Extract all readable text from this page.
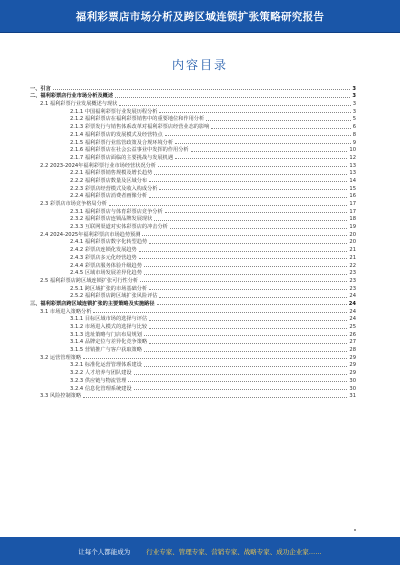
福利彩票店市场分析及跨区域连锁扩张策略研究报告
内容目录
一、引言	3
二、福利彩票店行业市场分析及概述	3
2.1 福利彩票行业发展概述与现状	3
2.1.1 中国福利彩票行业发展历程分析	3
2.1.2 福利彩票店在福利彩票销售中的重要地位和作用分析	5
2.1.3 彩票发行与销售体系改革对福利彩票店经营业态的影响	6
2.1.4 福利彩票店的发展模式及经营特点	8
2.1.5 福利彩票行业监管政策及合规环境分析	9
2.1.6 福利彩票店在社会公益事业中发挥的作用分析	10
2.1.7 福利彩票店面临的主要挑战与发展机遇	12
2.2 2023-2024年福利彩票行业市场经营状况分析	13
2.2.1 福利彩票销售规模及增长趋势	13
2.2.2 福利彩票店数量及区域分布	14
2.2.3 彩票店经营模式及收入构成分析	15
2.2.4 福利彩票店消费者画像分析	16
2.3 彩票店市场竞争格局分析	17
2.3.1 福利彩票店与体育彩票店竞争分析	17
2.3.2 福利彩票店连锁品牌发展现状	18
2.3.3 互联网渠道对实体彩票店的冲击分析	19
2.4 2024-2025年福利彩票店市场趋势预测	20
2.4.1 福利彩票店数字化转型趋势	20
2.4.2 彩票店连锁化发展趋势	21
2.4.3 彩票店多元化经营趋势	21
2.4.4 彩票店服务体验升级趋势	22
2.4.5 区域市场发展差异化趋势	23
2.5 福利彩票店跨区域连锁扩张可行性分析	23
2.5.1 跨区域扩张的市场基础分析	23
2.5.2 福利彩票店跨区域扩张风险评估	24
三、福利彩票店跨区域连锁扩张的主要策略及实施路径	24
3.1 市场进入策略分析	24
3.1.1 目标区域市场的选择与评估	24
3.1.2 市场进入模式的选择与比较	25
3.1.3 选址策略与门店布局规划	26
3.1.4 品牌定位与差异化竞争策略	27
3.1.5 营销推广与客户获取策略	28
3.2 运营管理策略	29
3.2.1 标准化运营管理体系建设	29
3.2.2 人才培养与团队建设	29
3.2.3 供应链与物流管理	30
3.2.4 信息化管理系统建设	30
3.3 风险控制策略	31
让每个人都能成为 行业专家、管理专家、营销专家、战略专家、成功企业家……
